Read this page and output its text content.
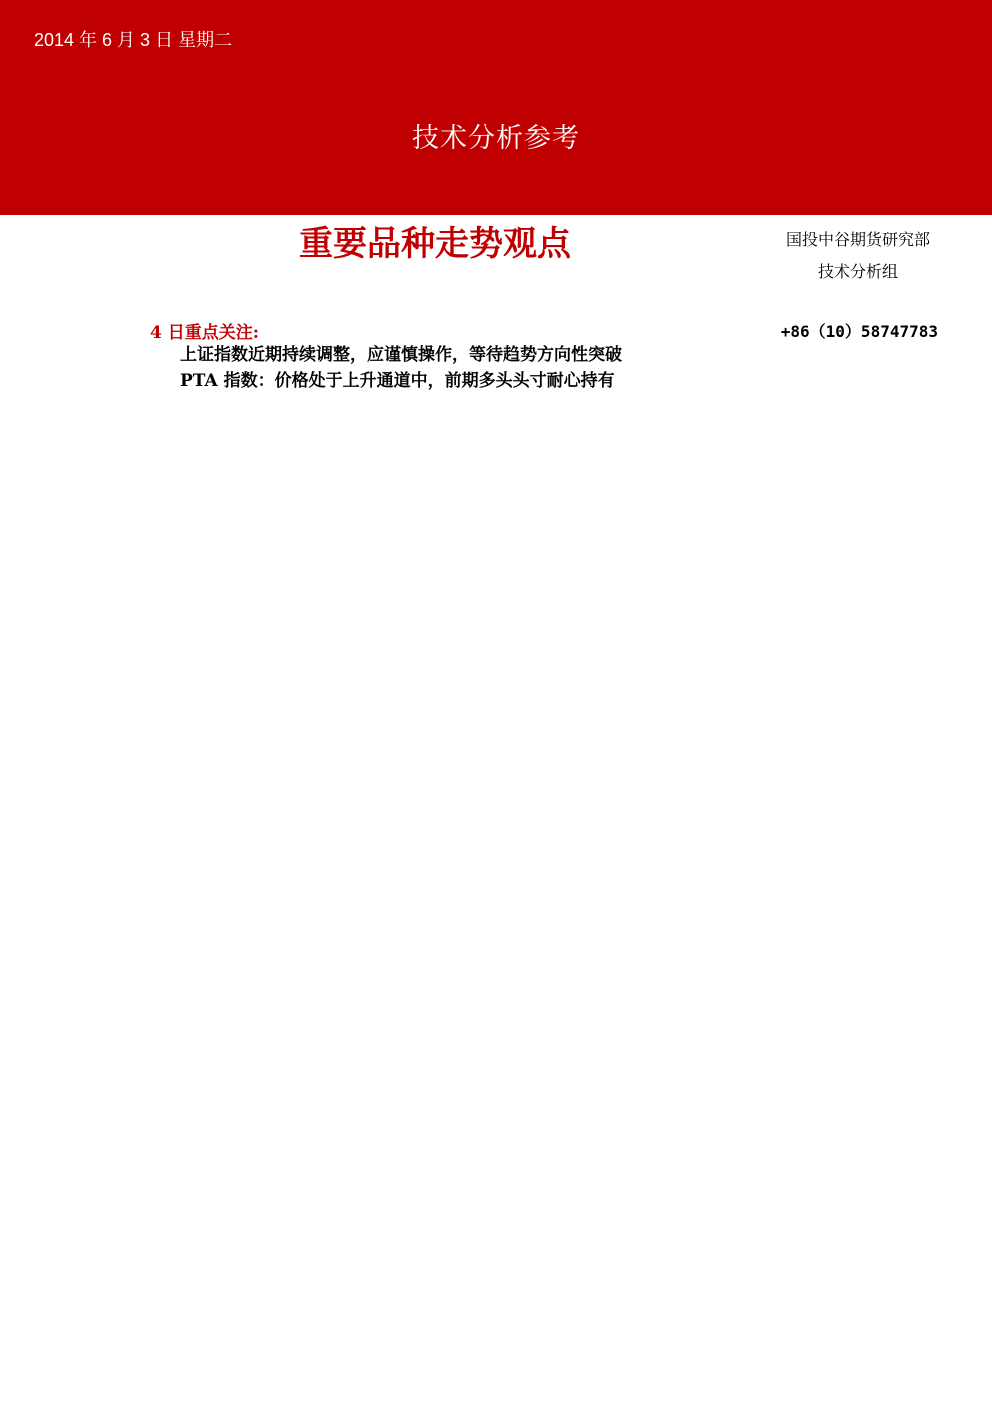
2014 年 6 月 3 日 星期二
技术分析参考
重要品种走势观点	国投中谷期货研究部
技术分析组
4 日重点关注:	+86（10）58747783
上证指数近期持续调整，应谨慎操作，等待趋势方向性突破
PTA 指数：价格处于上升通道中，前期多头头寸耐心持有
